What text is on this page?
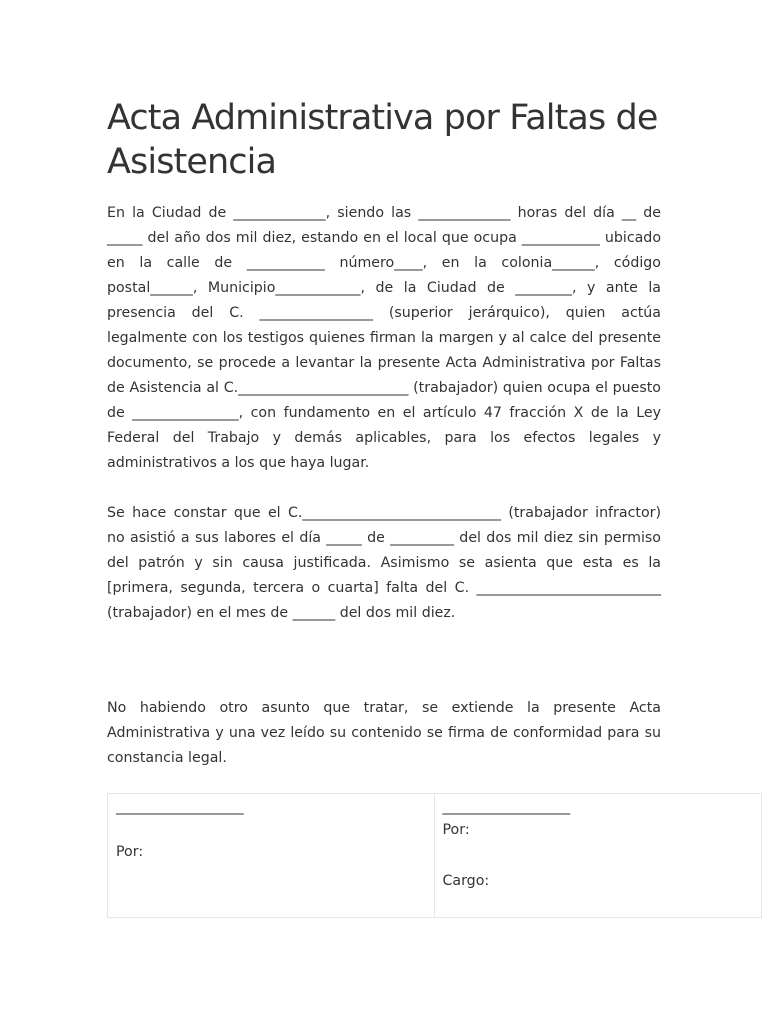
Acta Administrativa por Faltas de Asistencia

En la Ciudad de _____________, siendo las _____________ horas del día __ de _____ del año dos mil diez, estando en el local que ocupa ___________ ubicado en la calle de ___________ número____, en la colonia______, código postal______, Municipio____________, de la Ciudad de ________, y ante la presencia del C. ________________ (superior jerárquico), quien actúa legalmente con los testigos quienes firman la margen y al calce del presente documento, se procede a levantar la presente Acta Administrativa por Faltas de Asistencia al C.________________________ (trabajador) quien ocupa el puesto de _______________, con fundamento en el artículo 47 fracción X de la Ley Federal del Trabajo y demás aplicables, para los efectos legales y administrativos a los que haya lugar.

Se hace constar que el C.____________________________ (trabajador infractor) no asistió a sus labores el día _____ de _________ del dos mil diez sin permiso del patrón y sin causa justificada. Asimismo se asienta que esta es la [primera, segunda, tercera o cuarta] falta del C. __________________________ (trabajador) en el mes de ______ del dos mil diez.

No habiendo otro asunto que tratar, se extiende la presente Acta Administrativa y una vez leído su contenido se firma de conformidad para su constancia legal.

___________________
Por:
___________________
Por:
Cargo:
